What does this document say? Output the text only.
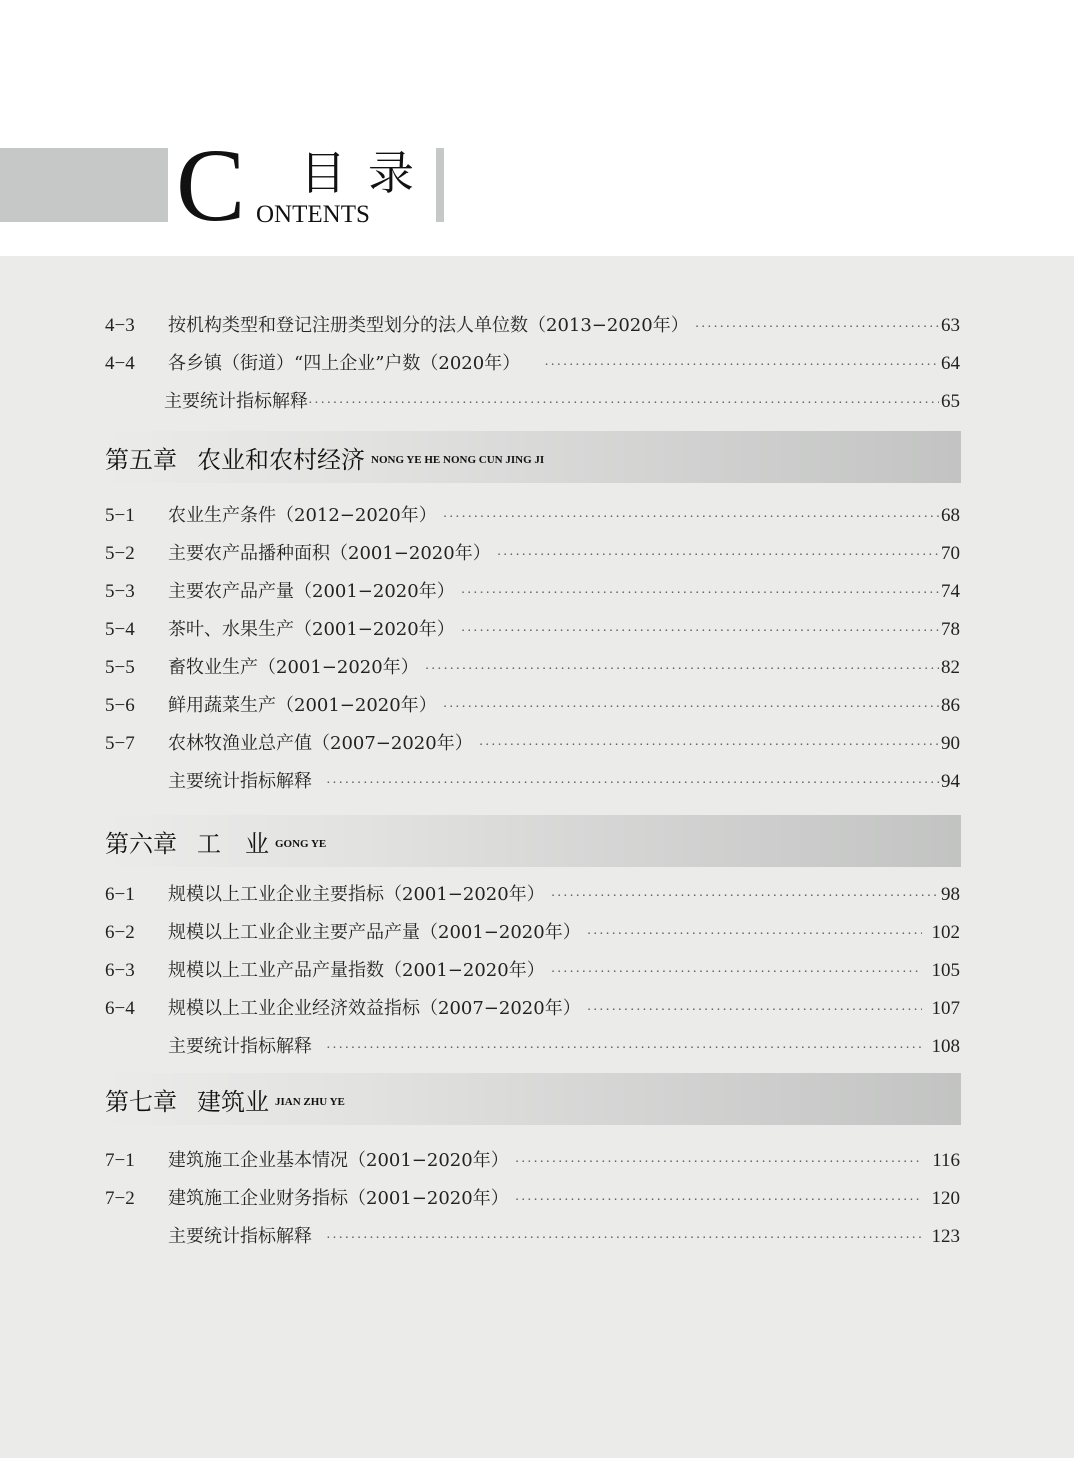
C 目录
ONTENTS
4−3	按机构类型和登记注册类型划分的法人单位数（2013−2020年） ·····	63
4−4	各乡镇（街道）“四上企业”户数（2020年） ·····	64
主要统计指标解释 ·····	65
第五章 农业和农村经济 NONG YE HE NONG CUN JING JI
5−1	农业生产条件（2012−2020年） ·····	68
5−2	主要农产品播种面积（2001−2020年） ·····	70
5−3	主要农产品产量（2001−2020年） ·····	74
5−4	茶叶、水果生产（2001−2020年） ·····	78
5−5	畜牧业生产（2001−2020年） ·····	82
5−6	鲜用蔬菜生产（2001−2020年） ·····	86
5−7	农林牧渔业总产值（2007−2020年） ·····	90
主要统计指标解释 ·····	94
第六章 工　业 GONG YE
6−1	规模以上工业企业主要指标（2001−2020年） ·····	98
6−2	规模以上工业企业主要产品产量（2001−2020年） ·····	102
6−3	规模以上工业产品产量指数（2001−2020年） ·····	105
6−4	规模以上工业企业经济效益指标（2007−2020年） ·····	107
主要统计指标解释 ·····	108
第七章 建筑业 JIAN ZHU YE
7−1	建筑施工企业基本情况（2001−2020年） ·····	116
7−2	建筑施工企业财务指标（2001−2020年） ·····	120
主要统计指标解释 ·····	123
